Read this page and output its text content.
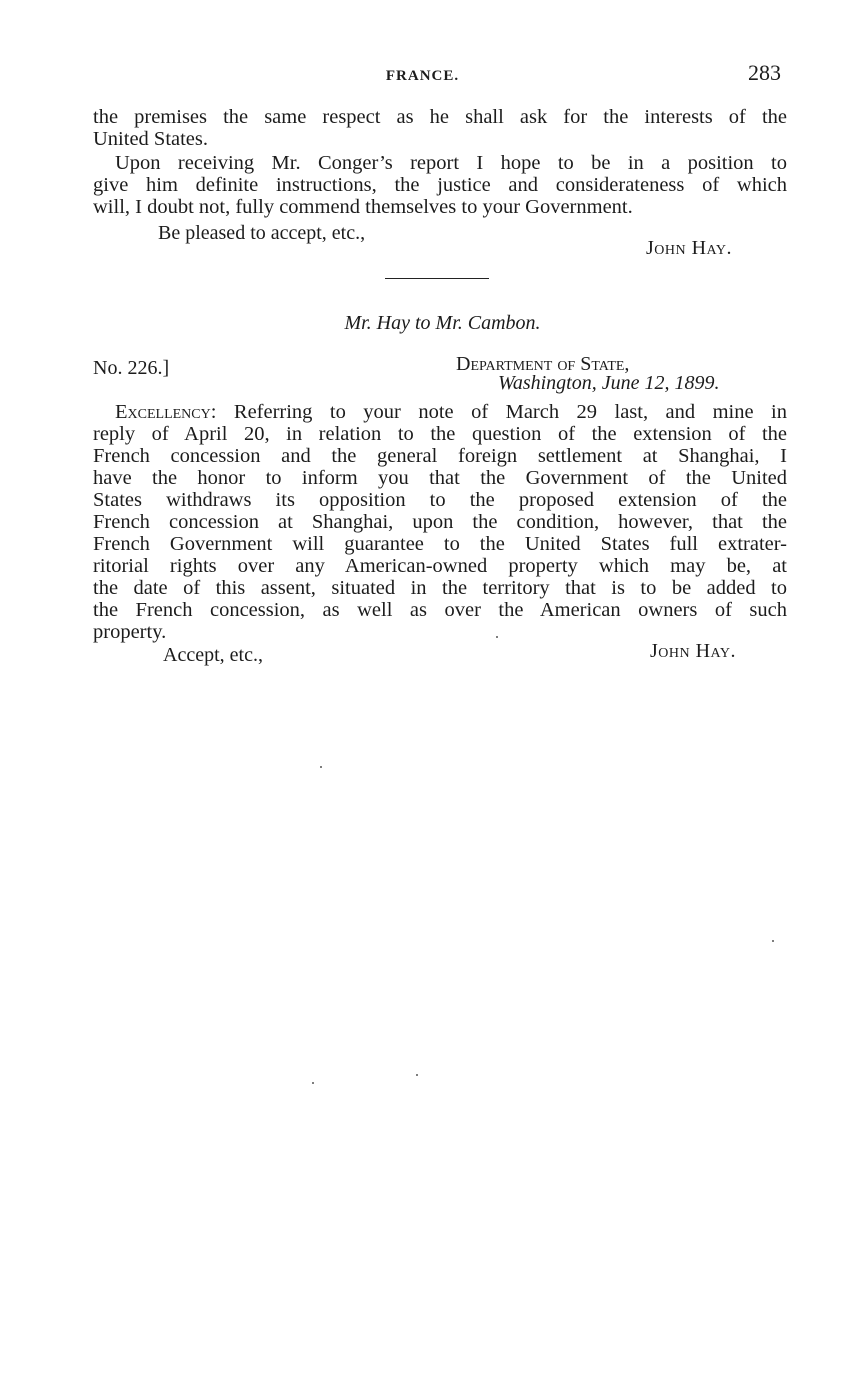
FRANCE.	283
the premises the same respect as he shall ask for the interests of the
United States.
Upon receiving Mr. Conger’s report I hope to be in a position to
give him definite instructions, the justice and considerateness of which
will, I doubt not, fully commend themselves to your Government.
Be pleased to accept, etc.,
John Hay.
Mr. Hay to Mr. Cambon.
No. 226.]	Department of State,
Washington, June 12, 1899.
Excellency: Referring to your note of March 29 last, and mine in
reply of April 20, in relation to the question of the extension of the
French concession and the general foreign settlement at Shanghai, I
have the honor to inform you that the Government of the United
States withdraws its opposition to the proposed extension of the
French concession at Shanghai, upon the condition, however, that the
French Government will guarantee to the United States full extrater-
ritorial rights over any American-owned property which may be, at
the date of this assent, situated in the territory that is to be added to
the French concession, as well as over the American owners of such
property.
Accept, etc.,	John Hay.
